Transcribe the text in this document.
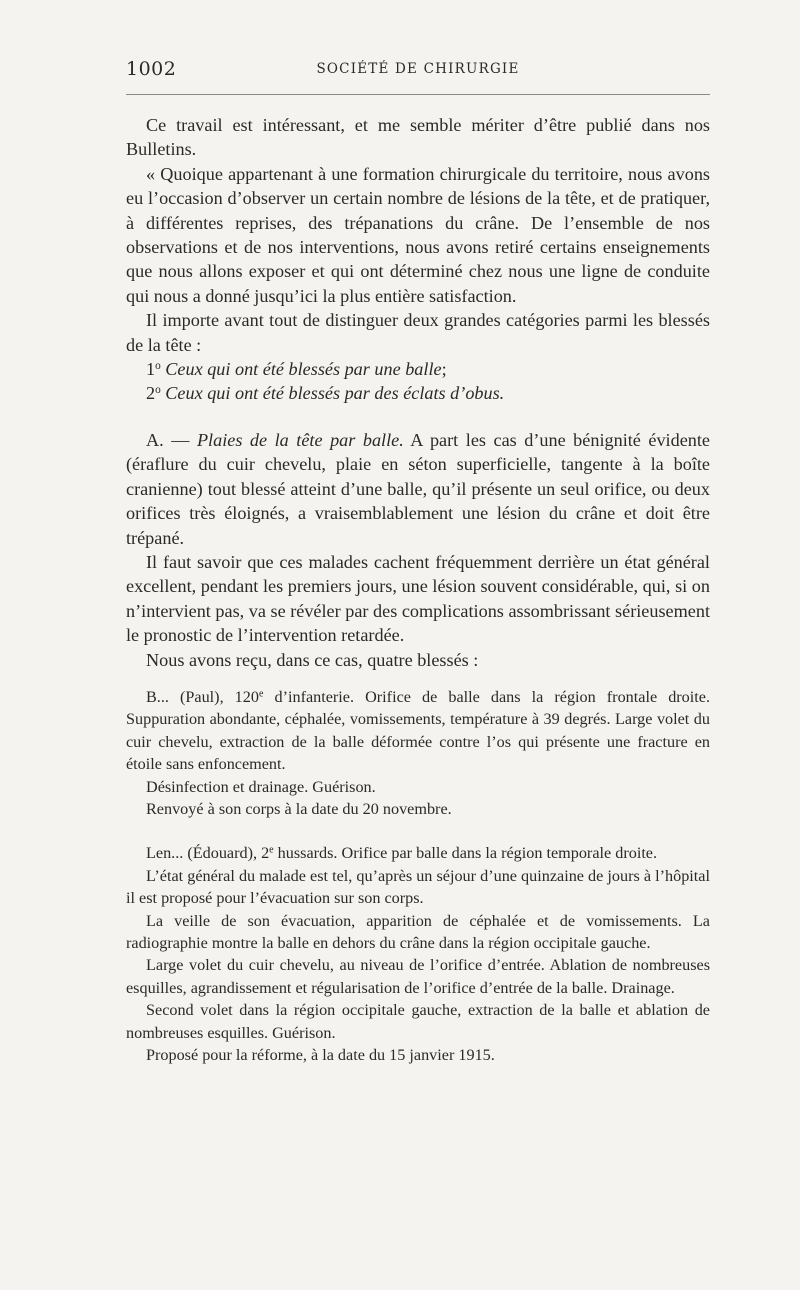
1002	SOCIÉTÉ DE CHIRURGIE

Ce travail est intéressant, et me semble mériter d’être publié dans nos Bulletins.

« Quoique appartenant à une formation chirurgicale du territoire, nous avons eu l’occasion d’observer un certain nombre de lésions de la tête, et de pratiquer, à différentes reprises, des trépanations du crâne. De l’ensemble de nos observations et de nos interventions, nous avons retiré certains enseignements que nous allons exposer et qui ont déterminé chez nous une ligne de conduite qui nous a donné jusqu’ici la plus entière satisfaction.

Il importe avant tout de distinguer deux grandes catégories parmi les blessés de la tête :

1$^o$ Ceux qui ont été blessés par une balle;

2$^o$ Ceux qui ont été blessés par des éclats d’obus.

A. — Plaies de la tête par balle. A part les cas d’une bénignité évidente (éraflure du cuir chevelu, plaie en séton superficielle, tangente à la boîte cranienne) tout blessé atteint d’une balle, qu’il présente un seul orifice, ou deux orifices très éloignés, a vraisemblablement une lésion du crâne et doit être trépané.

Il faut savoir que ces malades cachent fréquemment derrière un état général excellent, pendant les premiers jours, une lésion souvent considérable, qui, si on n’intervient pas, va se révéler par des complications assombrissant sérieusement le pronostic de l’intervention retardée.

Nous avons reçu, dans ce cas, quatre blessés :

B... (Paul), 120e d’infanterie. Orifice de balle dans la région frontale droite. Suppuration abondante, céphalée, vomissements, température à 39 degrés. Large volet du cuir chevelu, extraction de la balle déformée contre l’os qui présente une fracture en étoile sans enfoncement.

Désinfection et drainage. Guérison.

Renvoyé à son corps à la date du 20 novembre.

Len... (Édouard), 2e hussards. Orifice par balle dans la région temporale droite.

L’état général du malade est tel, qu’après un séjour d’une quinzaine de jours à l’hôpital il est proposé pour l’évacuation sur son corps.

La veille de son évacuation, apparition de céphalée et de vomissements. La radiographie montre la balle en dehors du crâne dans la région occipitale gauche.

Large volet du cuir chevelu, au niveau de l’orifice d’entrée. Ablation de nombreuses esquilles, agrandissement et régularisation de l’orifice d’entrée de la balle. Drainage.

Second volet dans la région occipitale gauche, extraction de la balle et ablation de nombreuses esquilles. Guérison.

Proposé pour la réforme, à la date du 15 janvier 1915.
